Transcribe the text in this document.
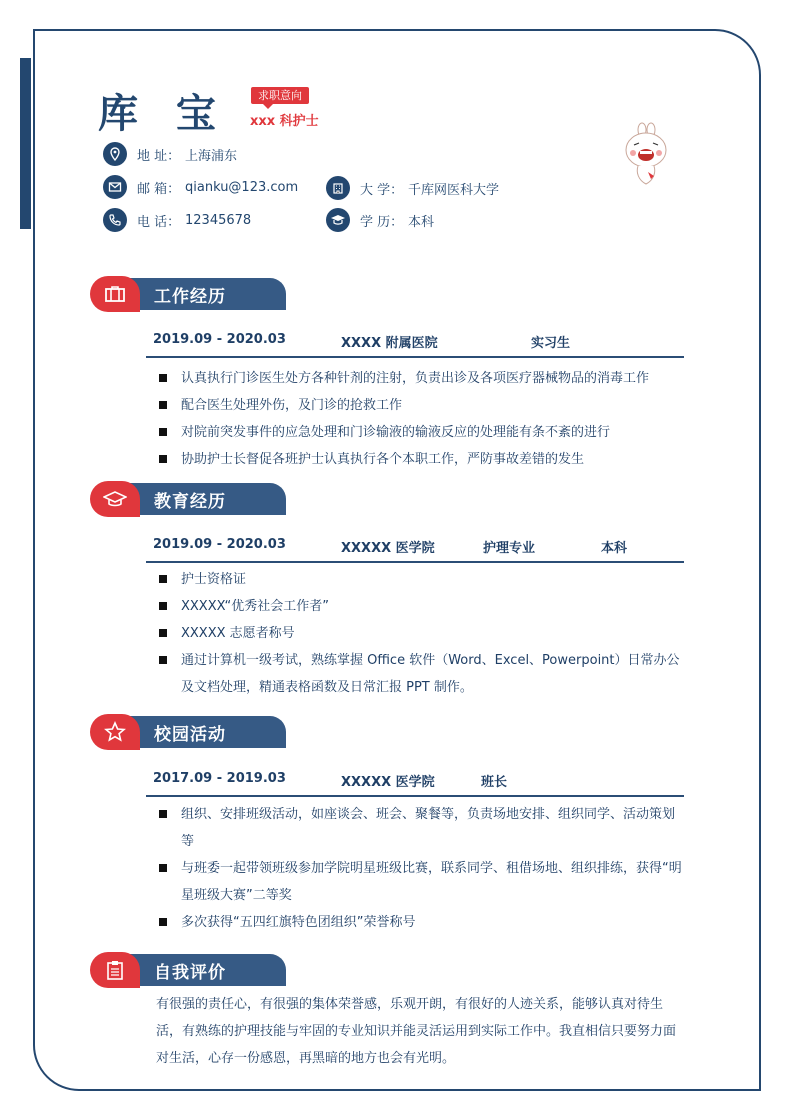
库 宝	求职意向
xxx 科护士
地 址： 上海浦东
邮 箱： qianku@123.com
电 话： 12345678
大 学： 千库网医科大学
学 历： 本科
工作经历
2019.09 - 2020.03	XXXX 附属医院	实习生
认真执行门诊医生处方各种针剂的注射，负责出诊及各项医疗器械物品的消毒工作
配合医生处理外伤，及门诊的抢救工作
对院前突发事件的应急处理和门诊输液的输液反应的处理能有条不紊的进行
协助护士长督促各班护士认真执行各个本职工作，严防事故差错的发生
教育经历
2019.09 - 2020.03	XXXXX 医学院	护理专业	本科
护士资格证
XXXXX“优秀社会工作者”
XXXXX 志愿者称号
通过计算机一级考试，熟练掌握 Office 软件（Word、Excel、Powerpoint）日常办公及文档处理，精通表格函数及日常汇报 PPT 制作。
校园活动
2017.09 - 2019.03	XXXXX 医学院	班长
组织、安排班级活动，如座谈会、班会、聚餐等，负责场地安排、组织同学、活动策划等
与班委一起带领班级参加学院明星班级比赛，联系同学、租借场地、组织排练，获得“明星班级大赛”二等奖
多次获得“五四红旗特色团组织”荣誉称号
自我评价

有很强的责任心，有很强的集体荣誉感，乐观开朗，有很好的人迹关系，能够认真对待生活，有熟练的护理技能与牢固的专业知识并能灵活运用到实际工作中。我直相信只要努力面对生活，心存一份感恩，再黑暗的地方也会有光明。
